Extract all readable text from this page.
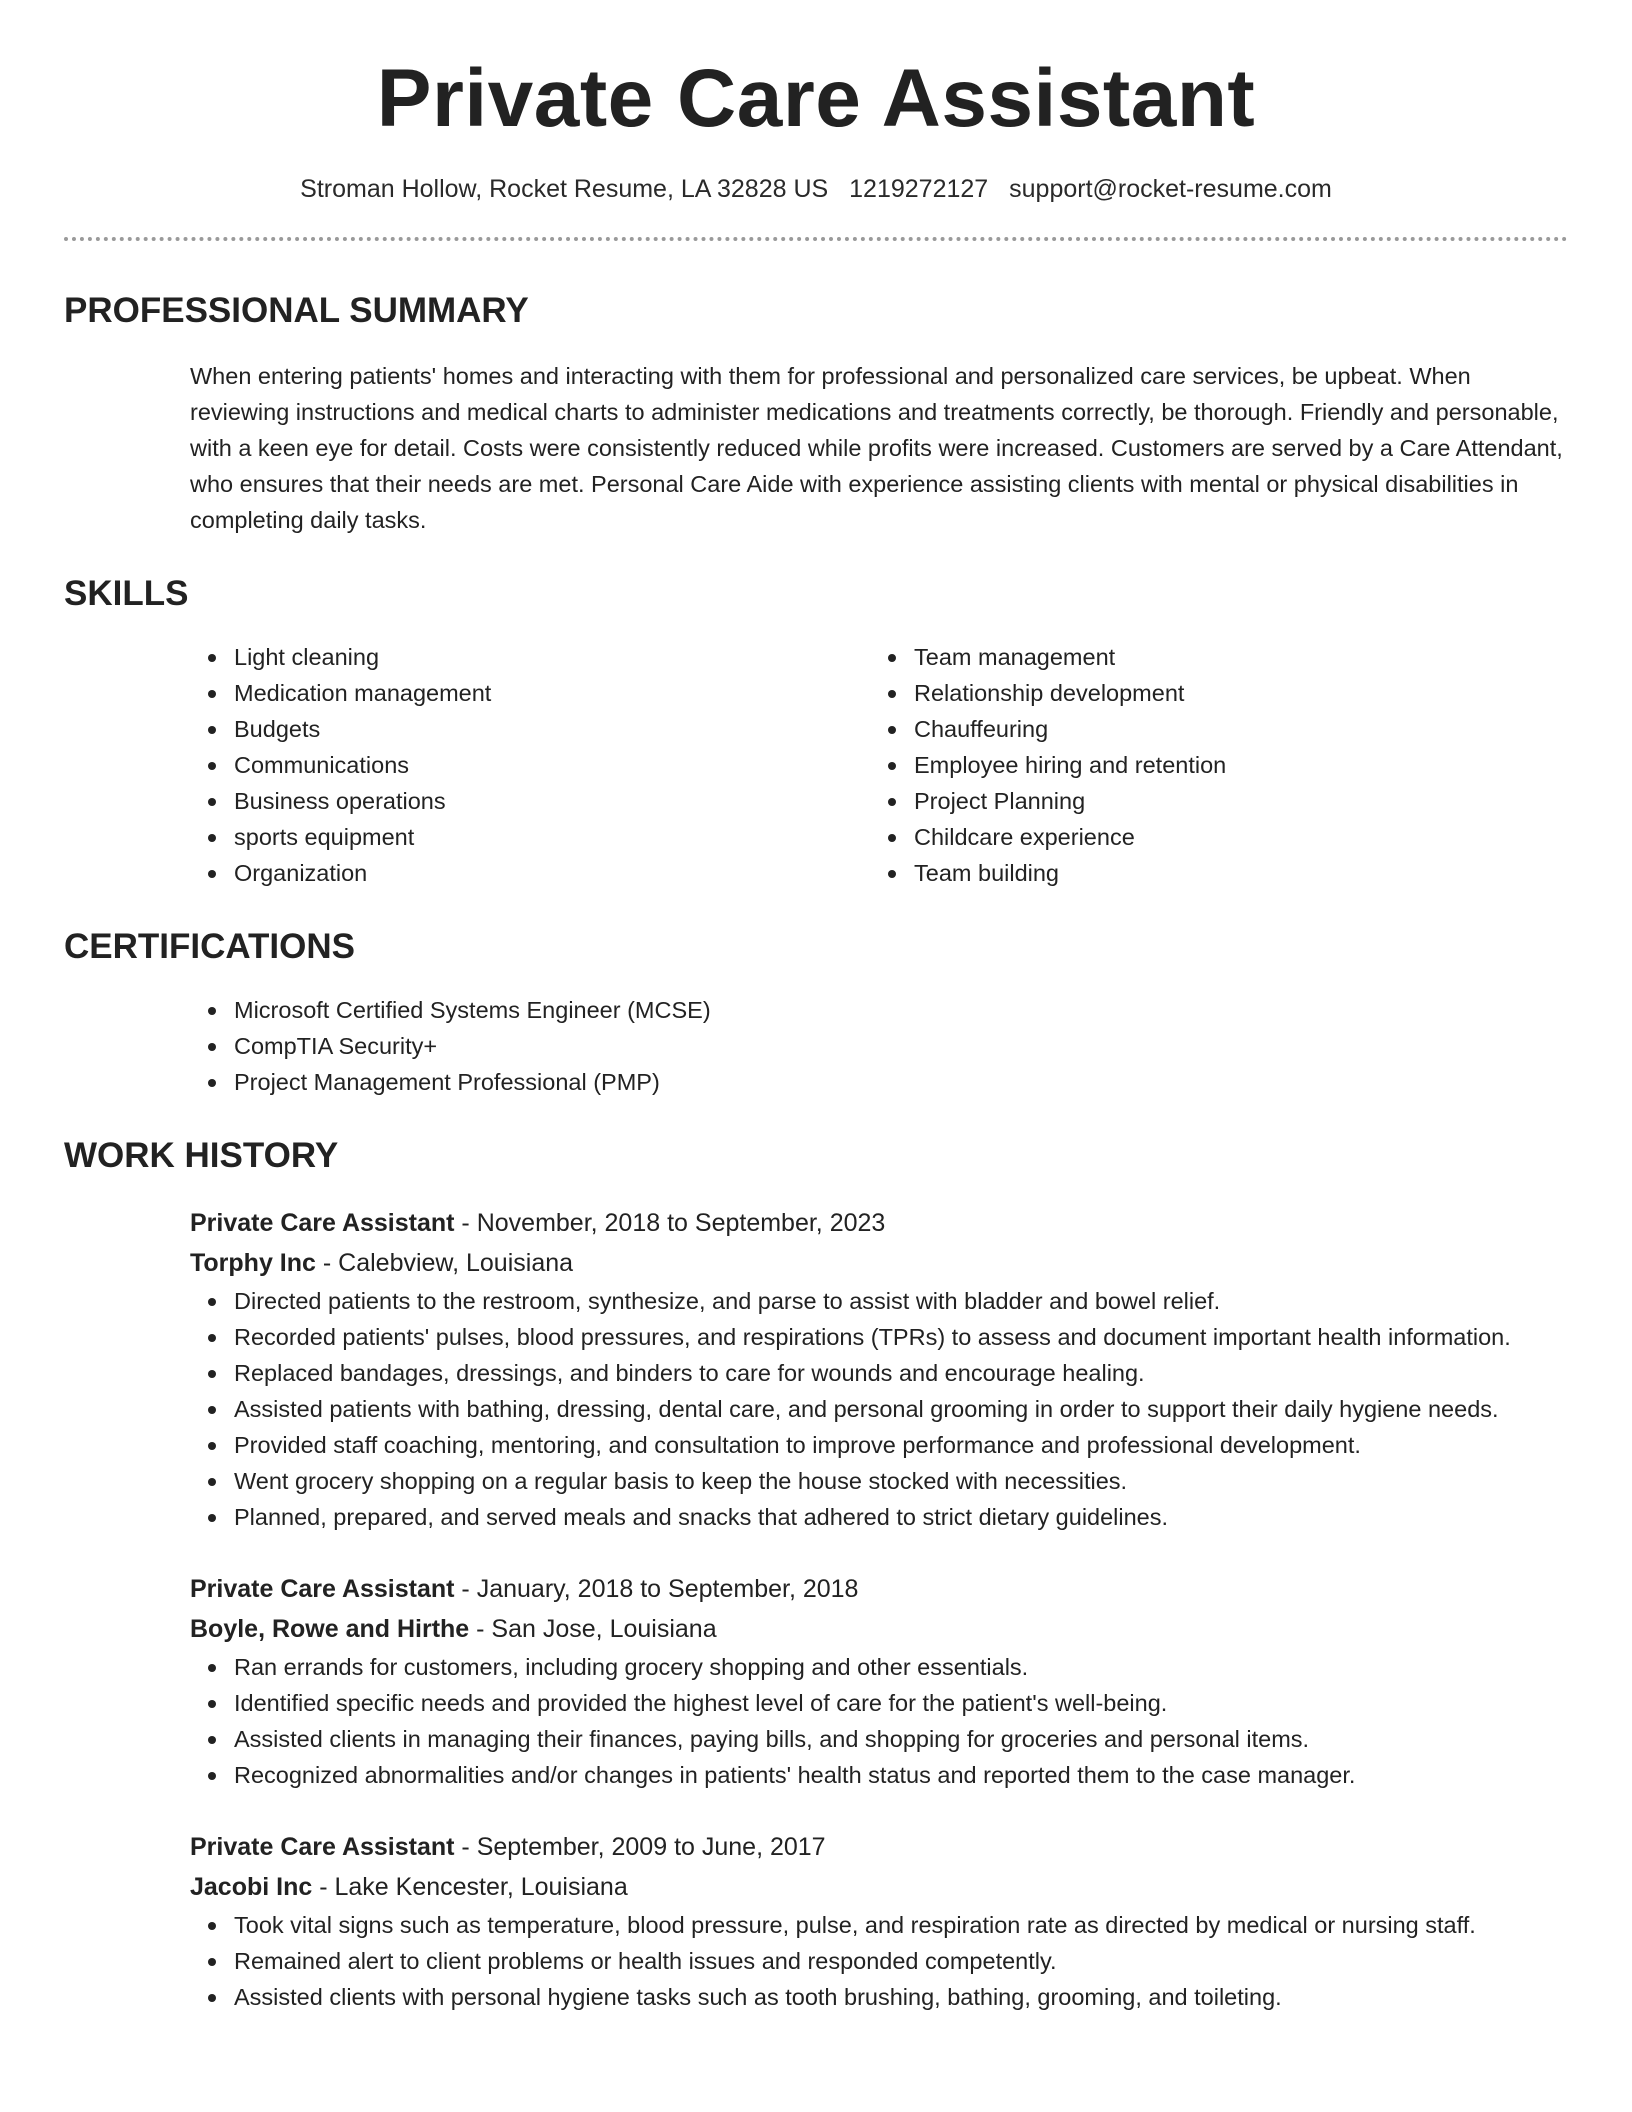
Private Care Assistant
Stroman Hollow, Rocket Resume, LA 32828 US 1219272127 support@rocket-resume.com
PROFESSIONAL SUMMARY
When entering patients' homes and interacting with them for professional and personalized care services, be upbeat. When reviewing instructions and medical charts to administer medications and treatments correctly, be thorough. Friendly and personable, with a keen eye for detail. Costs were consistently reduced while profits were increased. Customers are served by a Care Attendant, who ensures that their needs are met. Personal Care Aide with experience assisting clients with mental or physical disabilities in completing daily tasks.
SKILLS
Light cleaning
Medication management
Budgets
Communications
Business operations
sports equipment
Organization
Team management
Relationship development
Chauffeuring
Employee hiring and retention
Project Planning
Childcare experience
Team building
CERTIFICATIONS
Microsoft Certified Systems Engineer (MCSE)
CompTIA Security+
Project Management Professional (PMP)
WORK HISTORY
Private Care Assistant - November, 2018 to September, 2023
Torphy Inc - Calebview, Louisiana
Directed patients to the restroom, synthesize, and parse to assist with bladder and bowel relief.
Recorded patients' pulses, blood pressures, and respirations (TPRs) to assess and document important health information.
Replaced bandages, dressings, and binders to care for wounds and encourage healing.
Assisted patients with bathing, dressing, dental care, and personal grooming in order to support their daily hygiene needs.
Provided staff coaching, mentoring, and consultation to improve performance and professional development.
Went grocery shopping on a regular basis to keep the house stocked with necessities.
Planned, prepared, and served meals and snacks that adhered to strict dietary guidelines.
Private Care Assistant - January, 2018 to September, 2018
Boyle, Rowe and Hirthe - San Jose, Louisiana
Ran errands for customers, including grocery shopping and other essentials.
Identified specific needs and provided the highest level of care for the patient's well-being.
Assisted clients in managing their finances, paying bills, and shopping for groceries and personal items.
Recognized abnormalities and/or changes in patients' health status and reported them to the case manager.
Private Care Assistant - September, 2009 to June, 2017
Jacobi Inc - Lake Kencester, Louisiana
Took vital signs such as temperature, blood pressure, pulse, and respiration rate as directed by medical or nursing staff.
Remained alert to client problems or health issues and responded competently.
Assisted clients with personal hygiene tasks such as tooth brushing, bathing, grooming, and toileting.
